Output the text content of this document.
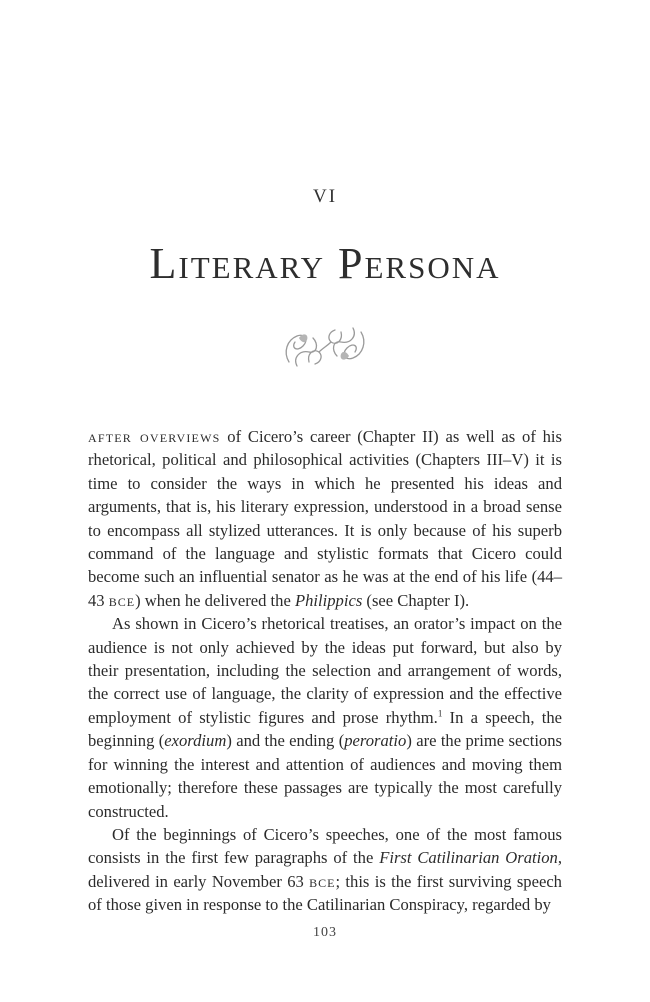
VI
Literary Persona

after overviews of Cicero’s career (Chapter II) as well as of his rhetorical, political and philosophical activities (Chapters III–V) it is time to consider the ways in which he presented his ideas and arguments, that is, his literary expression, understood in a broad sense to encompass all stylized utterances. It is only because of his superb command of the language and stylistic formats that Cicero could become such an influential senator as he was at the end of his life (44–43 bce) when he delivered the Philippics (see Chapter I).

As shown in Cicero’s rhetorical treatises, an orator’s impact on the audience is not only achieved by the ideas put forward, but also by their presentation, including the selection and arrangement of words, the correct use of language, the clarity of expression and the effective employment of stylistic figures and prose rhythm.$^1$ In a speech, the beginning (exordium) and the ending (peroratio) are the prime sections for winning the interest and attention of audiences and moving them emotionally; therefore these passages are typically the most carefully constructed.

Of the beginnings of Cicero’s speeches, one of the most famous consists in the first few paragraphs of the First Catilinarian Oration, delivered in early November 63 bce; this is the first surviving speech of those given in response to the Catilinarian Conspiracy, regarded by

103
